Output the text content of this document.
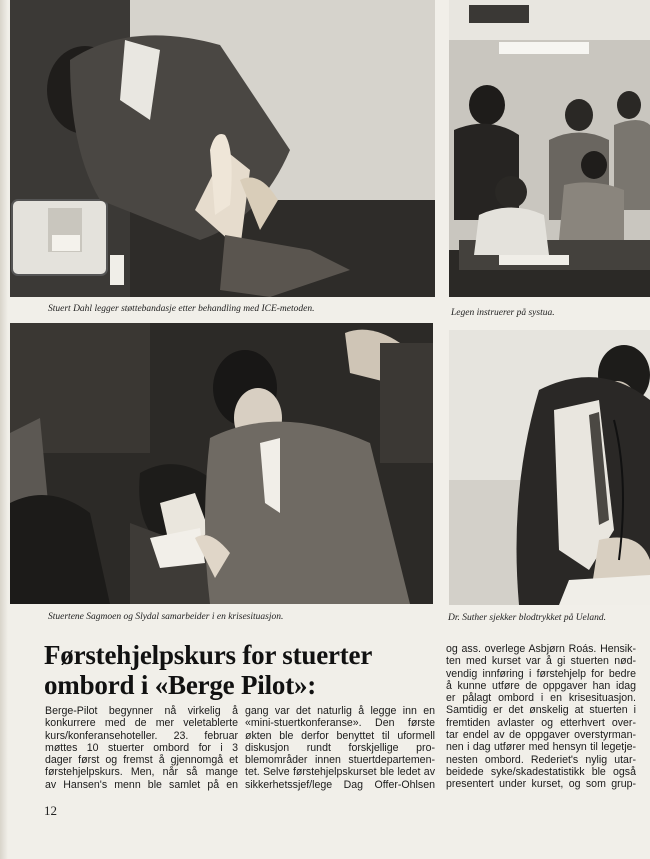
Stuert Dahl legger støttebandasje etter behandling med ICE-metoden.	Legen instruerer på systua.
Stuertene Sagmoen og Slydal samarbeider i en krisesituasjon.	Dr. Suther sjekker blodtrykket på Ueland.
Førstehjelpskurs for stuerter
ombord i «Berge Pilot»:
Berge-Pilot begynner nå virkelig å
konkurrere med de mer veletablerte
kurs/konferansehoteller. 23. februar
møttes 10 stuerter ombord for i 3
dager først og fremst å gjennomgå et
førstehjelpskurs. Men, når så mange
av Hansen's menn ble samlet på en
gang var det naturlig å legge inn en
«mini-stuertkonferanse». Den første
økten ble derfor benyttet til uformell
diskusjon rundt forskjellige pro-
blemområder innen stuertdepartemen-
tet. Selve førstehjelpskurset ble ledet av
sikkerhetssjef/lege Dag Offer-Ohlsen
og ass. overlege Asbjørn Roás. Hensik-
ten med kurset var å gi stuerten nød-
vendig innføring i førstehjelp for bedre
å kunne utføre de oppgaver han idag
er pålagt ombord i en krisesituasjon.
Samtidig er det ønskelig at stuerten i
fremtiden avlaster og etterhvert over-
tar endel av de oppgaver overstyrman-
nen i dag utfører med hensyn til legetje-
nesten ombord. Rederiet's nylig utar-
beidede syke/skadestatistikk ble også
presentert under kurset, og som grup-
12
